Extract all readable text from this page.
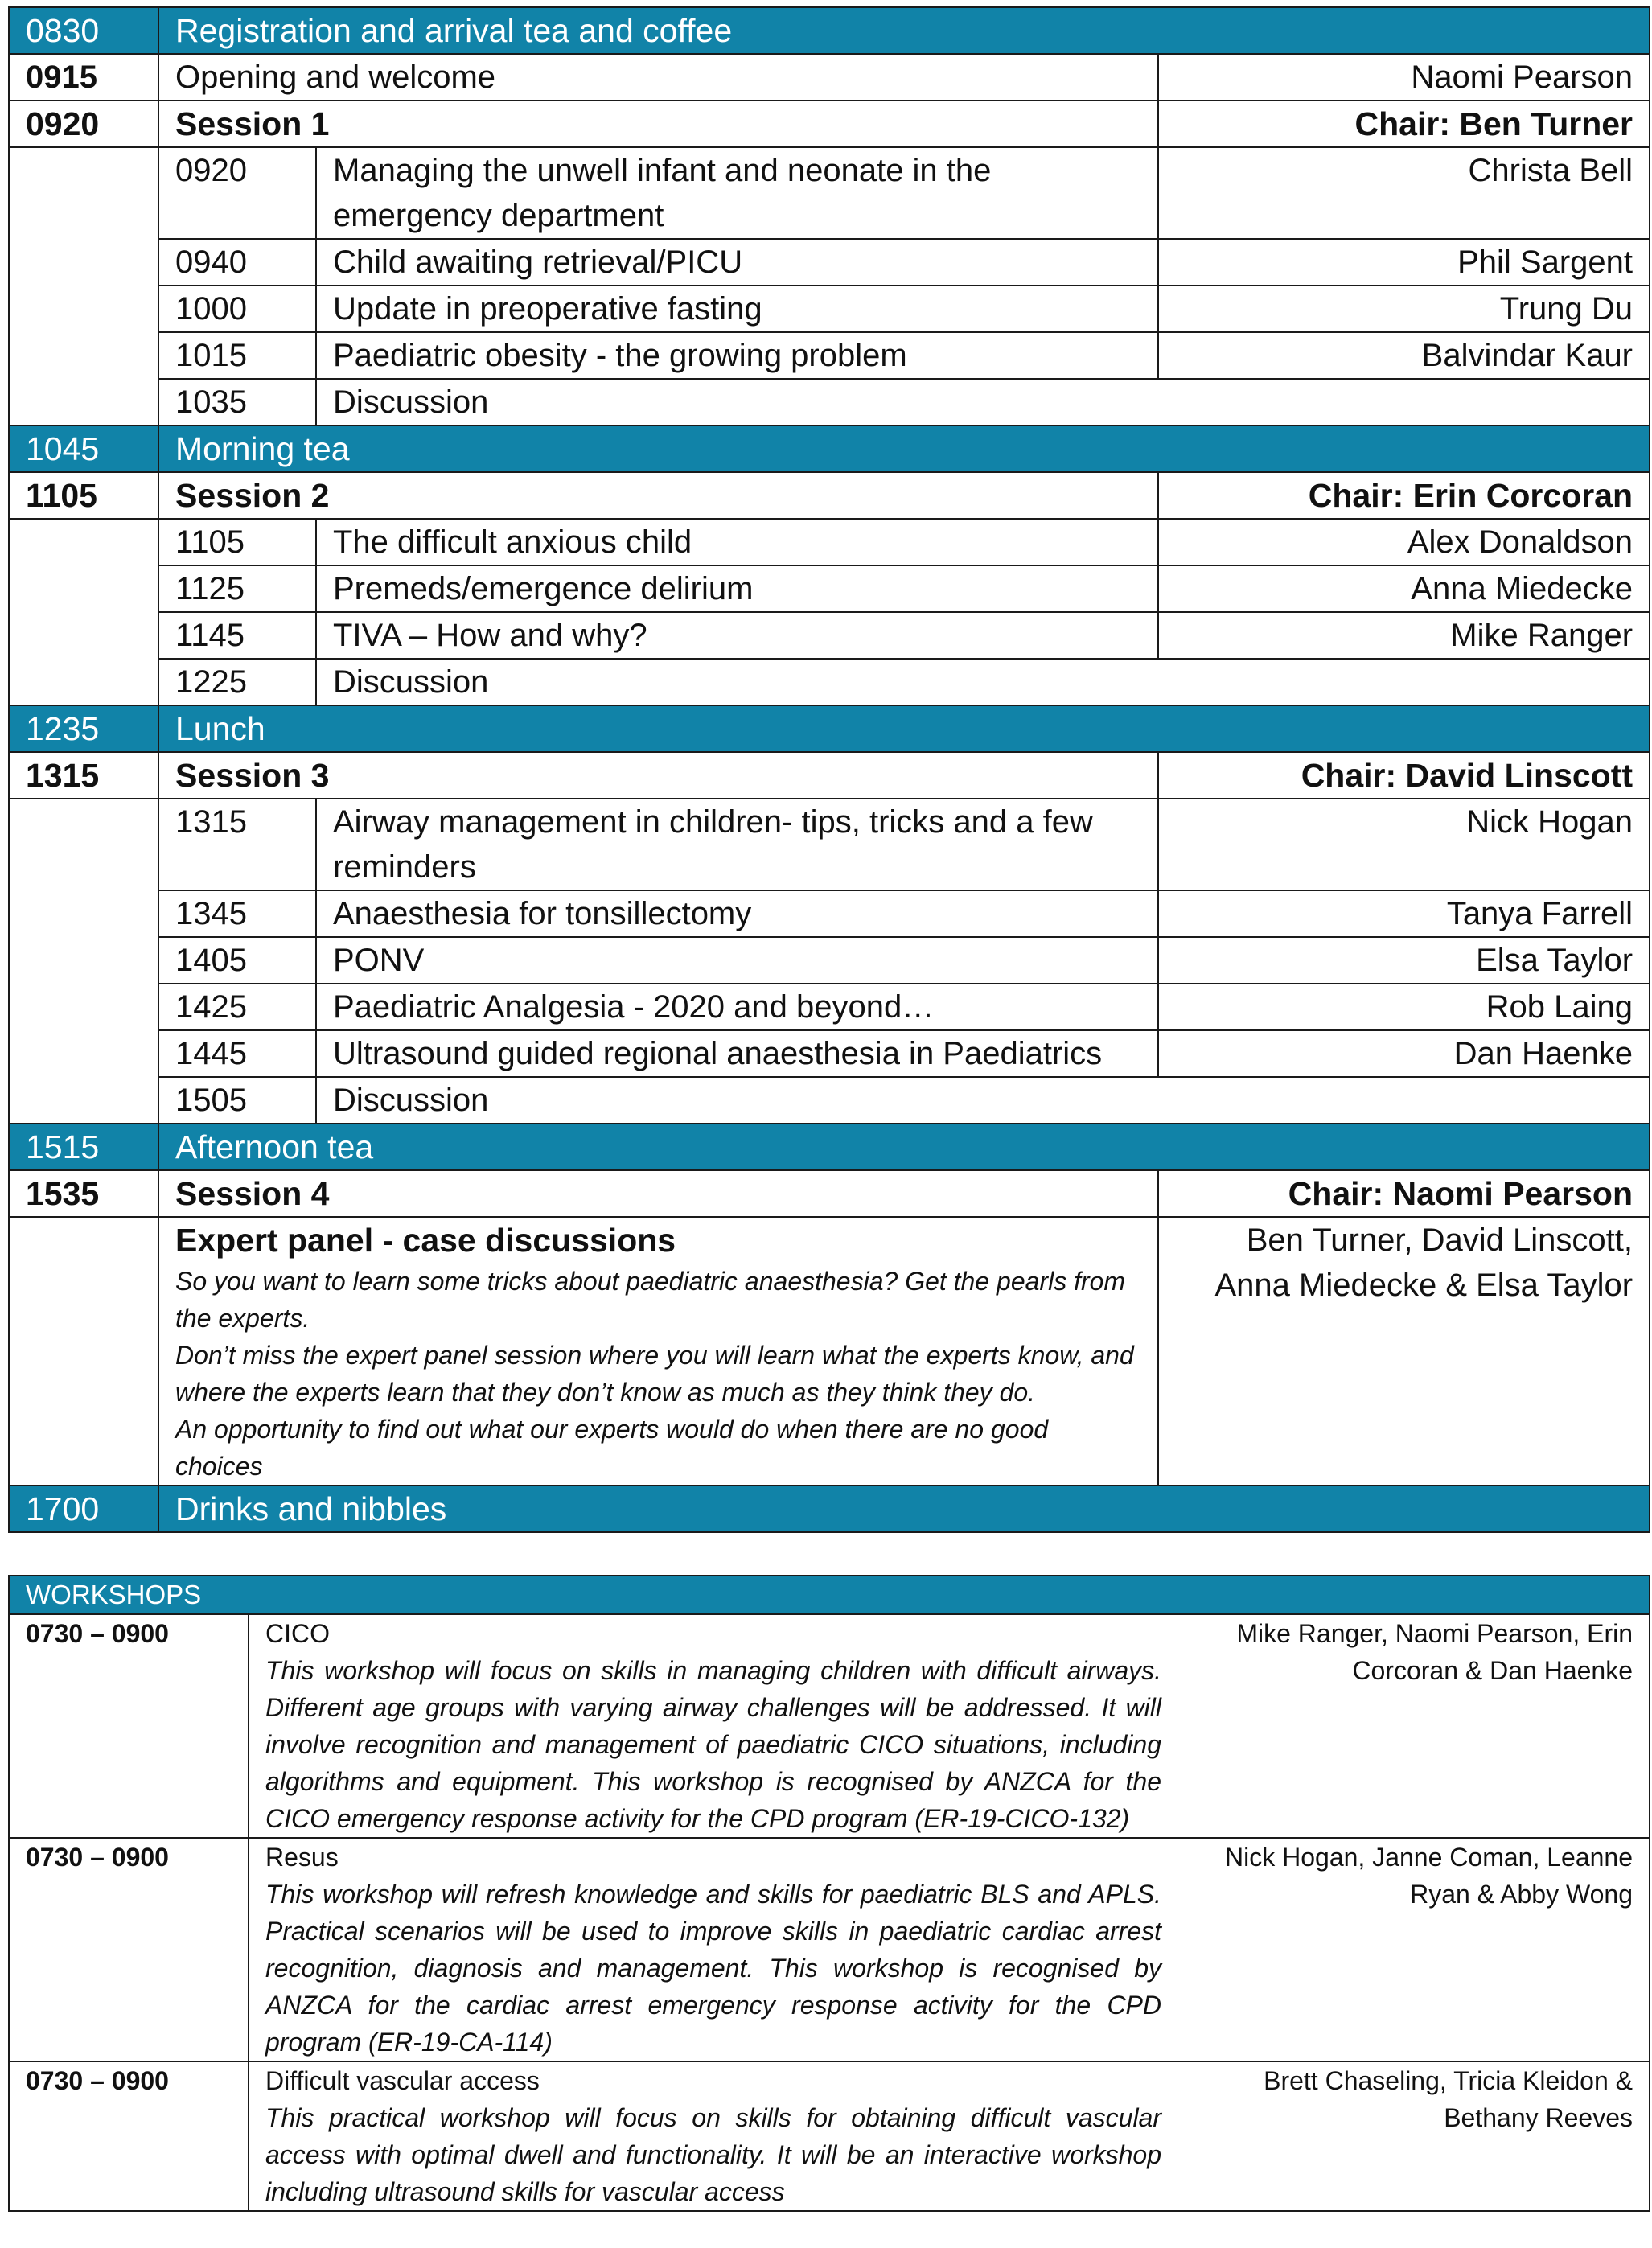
0830	Registration and arrival tea and coffee		
0915	Opening and welcome		Naomi Pearson
0920	Session 1		Chair: Ben Turner
	0920	Managing the unwell infant and neonate in the emergency department	Christa Bell
	0940	Child awaiting retrieval/PICU	Phil Sargent
	1000	Update in preoperative fasting	Trung Du
	1015	Paediatric obesity - the growing problem	Balvindar Kaur
	1035	Discussion	
1045	Morning tea		
1105	Session 2		Chair: Erin Corcoran
	1105	The difficult anxious child	Alex Donaldson
	1125	Premeds/emergence delirium	Anna Miedecke
	1145	TIVA – How and why?	Mike Ranger
	1225	Discussion	
1235	Lunch		
1315	Session 3		Chair: David Linscott
	1315	Airway management in children- tips, tricks and a few reminders	Nick Hogan
	1345	Anaesthesia for tonsillectomy	Tanya Farrell
	1405	PONV	Elsa Taylor
	1425	Paediatric Analgesia - 2020 and beyond…	Rob Laing
	1445	Ultrasound guided regional anaesthesia in Paediatrics	Dan Haenke
	1505	Discussion	
1515	Afternoon tea		
1535	Session 4		Chair: Naomi Pearson

	Expert panel - case discussions
So you want to learn some tricks about paediatric anaesthesia? Get the pearls from the experts.
Don’t miss the expert panel session where you will learn what the experts know, and where the experts learn that they don’t know as much as they think they do.
An opportunity to find out what our experts would do when there are no good choices		Ben Turner, David Linscott, Anna Miedecke & Elsa Taylor
1700	Drinks and nibbles		
WORKSHOPS		
0730 – 0900	CICO
This workshop will focus on skills in managing children with difficult airways. Different age groups with varying airway challenges will be addressed. It will involve recognition and management of paediatric CICO situations, including algorithms and equipment. This workshop is recognised by ANZCA for the CICO emergency response activity for the CPD program (ER-19-CICO-132)	Mike Ranger, Naomi Pearson, Erin Corcoran & Dan Haenke
0730 – 0900	Resus
This workshop will refresh knowledge and skills for paediatric BLS and APLS. Practical scenarios will be used to improve skills in paediatric cardiac arrest recognition, diagnosis and management. This workshop is recognised by ANZCA for the cardiac arrest emergency response activity for the CPD program (ER-19-CA-114)	Nick Hogan, Janne Coman, Leanne Ryan & Abby Wong
0730 – 0900	Difficult vascular access
This practical workshop will focus on skills for obtaining difficult vascular access with optimal dwell and functionality. It will be an interactive workshop including ultrasound skills for vascular access	Brett Chaseling, Tricia Kleidon & Bethany Reeves
